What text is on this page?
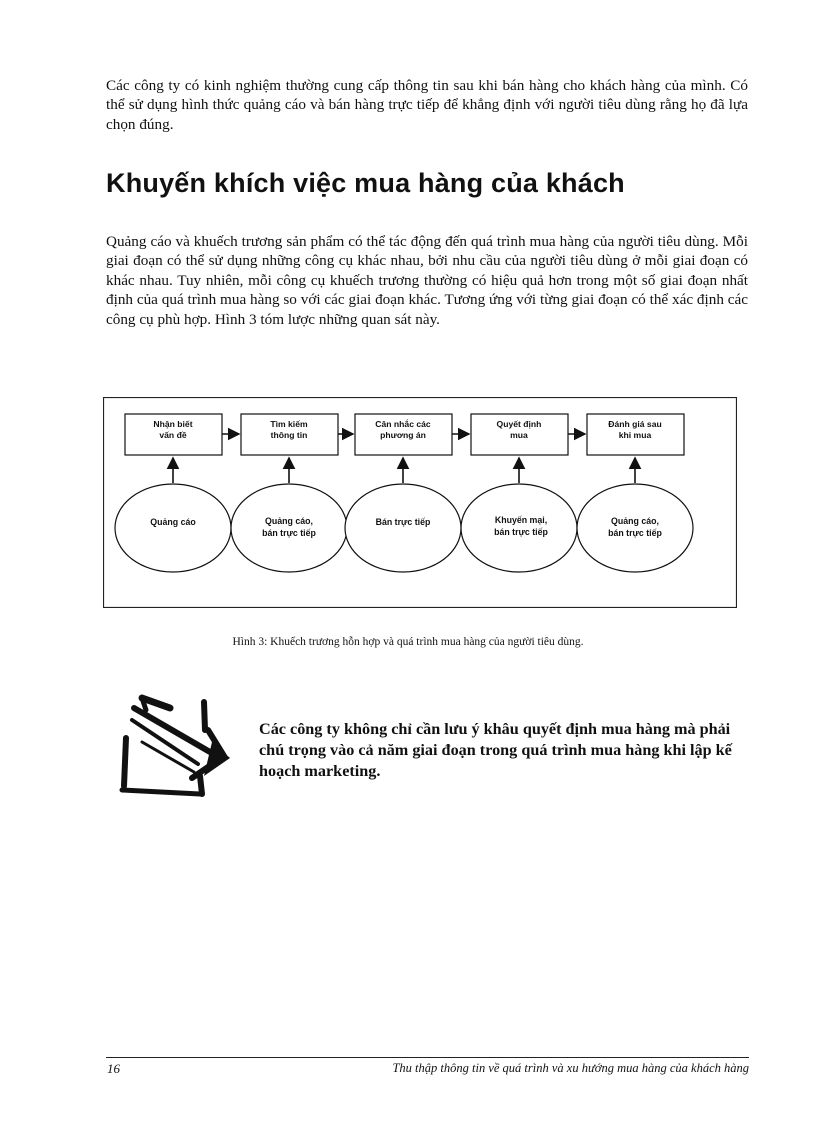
Các công ty có kinh nghiệm thường cung cấp thông tin sau khi bán hàng cho khách hàng của mình. Có thể sử dụng hình thức quảng cáo và bán hàng trực tiếp để khẳng định với người tiêu dùng rằng họ đã lựa chọn đúng.

Khuyến khích việc mua hàng của khách

Quảng cáo và khuếch trương sản phẩm có thể tác động đến quá trình mua hàng của người tiêu dùng. Mỗi giai đoạn có thể sử dụng những công cụ khác nhau, bởi nhu cầu của người tiêu dùng ở mỗi giai đoạn có khác nhau. Tuy nhiên, mỗi công cụ khuếch trương thường có hiệu quả hơn trong một số giai đoạn nhất định của quá trình mua hàng so với các giai đoạn khác. Tương ứng với từng giai đoạn có thể xác định các công cụ phù hợp. Hình 3 tóm lược những quan sát này.

Nhận biết
vấn đề
Tìm kiếm
thông tin
Cân nhắc các
phương án
Quyết định
mua
Đánh giá sau
khi mua
Quảng cáo	Quảng cáo,
bán trực tiếp
Bán trực tiếp	Khuyến mại,
bán trực tiếp
Quảng cáo,
bán trực tiếp
Hình 3: Khuếch trương hỗn hợp và quá trình mua hàng của người tiêu dùng.

Các công ty không chỉ cần lưu ý khâu quyết định mua hàng mà phải chú trọng vào cả năm giai đoạn trong quá trình mua hàng khi lập kế hoạch marketing.

16	Thu thập thông tin về quá trình và xu hướng mua hàng của khách hàng
